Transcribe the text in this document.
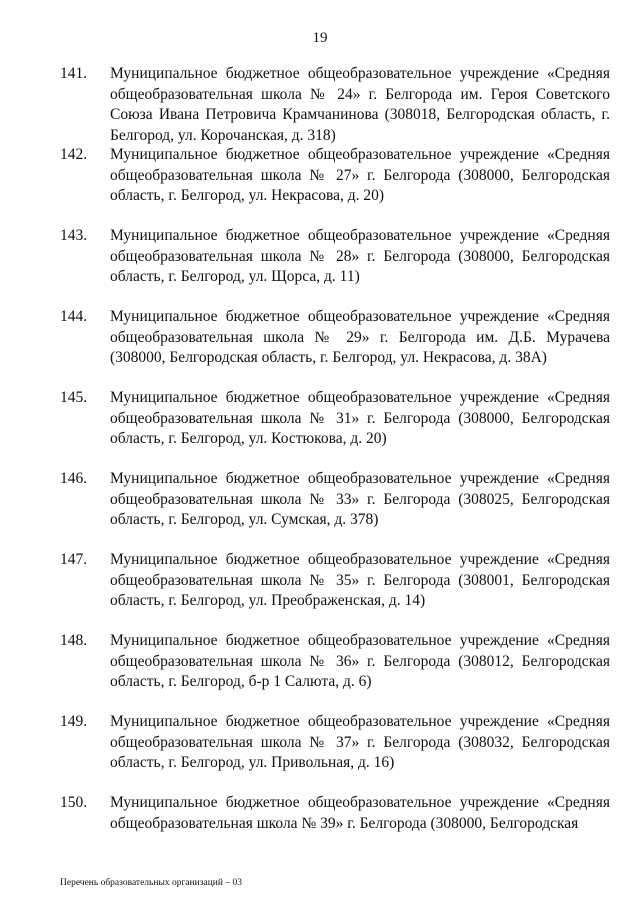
19
141. Муниципальное бюджетное общеобразовательное учреждение «Средняя общеобразовательная школа № 24» г. Белгорода им. Героя Советского Союза Ивана Петровича Крамчанинова (308018, Белгородская область, г. Белгород, ул. Корочанская, д. 318)
142. Муниципальное бюджетное общеобразовательное учреждение «Средняя общеобразовательная школа № 27» г. Белгорода (308000, Белгородская область, г. Белгород, ул. Некрасова, д. 20)
143. Муниципальное бюджетное общеобразовательное учреждение «Средняя общеобразовательная школа № 28» г. Белгорода (308000, Белгородская область, г. Белгород, ул. Щорса, д. 11)
144. Муниципальное бюджетное общеобразовательное учреждение «Средняя общеобразовательная школа № 29» г. Белгорода им. Д.Б. Мурачева (308000, Белгородская область, г. Белгород, ул. Некрасова, д. 38А)
145. Муниципальное бюджетное общеобразовательное учреждение «Средняя общеобразовательная школа № 31» г. Белгорода (308000, Белгородская область, г. Белгород, ул. Костюкова, д. 20)
146. Муниципальное бюджетное общеобразовательное учреждение «Средняя общеобразовательная школа № 33» г. Белгорода (308025, Белгородская область, г. Белгород, ул. Сумская, д. 378)
147. Муниципальное бюджетное общеобразовательное учреждение «Средняя общеобразовательная школа № 35» г. Белгорода (308001, Белгородская область, г. Белгород, ул. Преображенская, д. 14)
148. Муниципальное бюджетное общеобразовательное учреждение «Средняя общеобразовательная школа № 36» г. Белгорода (308012, Белгородская область, г. Белгород, б-р 1 Салюта, д. 6)
149. Муниципальное бюджетное общеобразовательное учреждение «Средняя общеобразовательная школа № 37» г. Белгорода (308032, Белгородская область, г. Белгород, ул. Привольная, д. 16)
150. Муниципальное бюджетное общеобразовательное учреждение «Средняя общеобразовательная школа № 39» г. Белгорода (308000, Белгородская
Перечень образовательных организаций – 03
